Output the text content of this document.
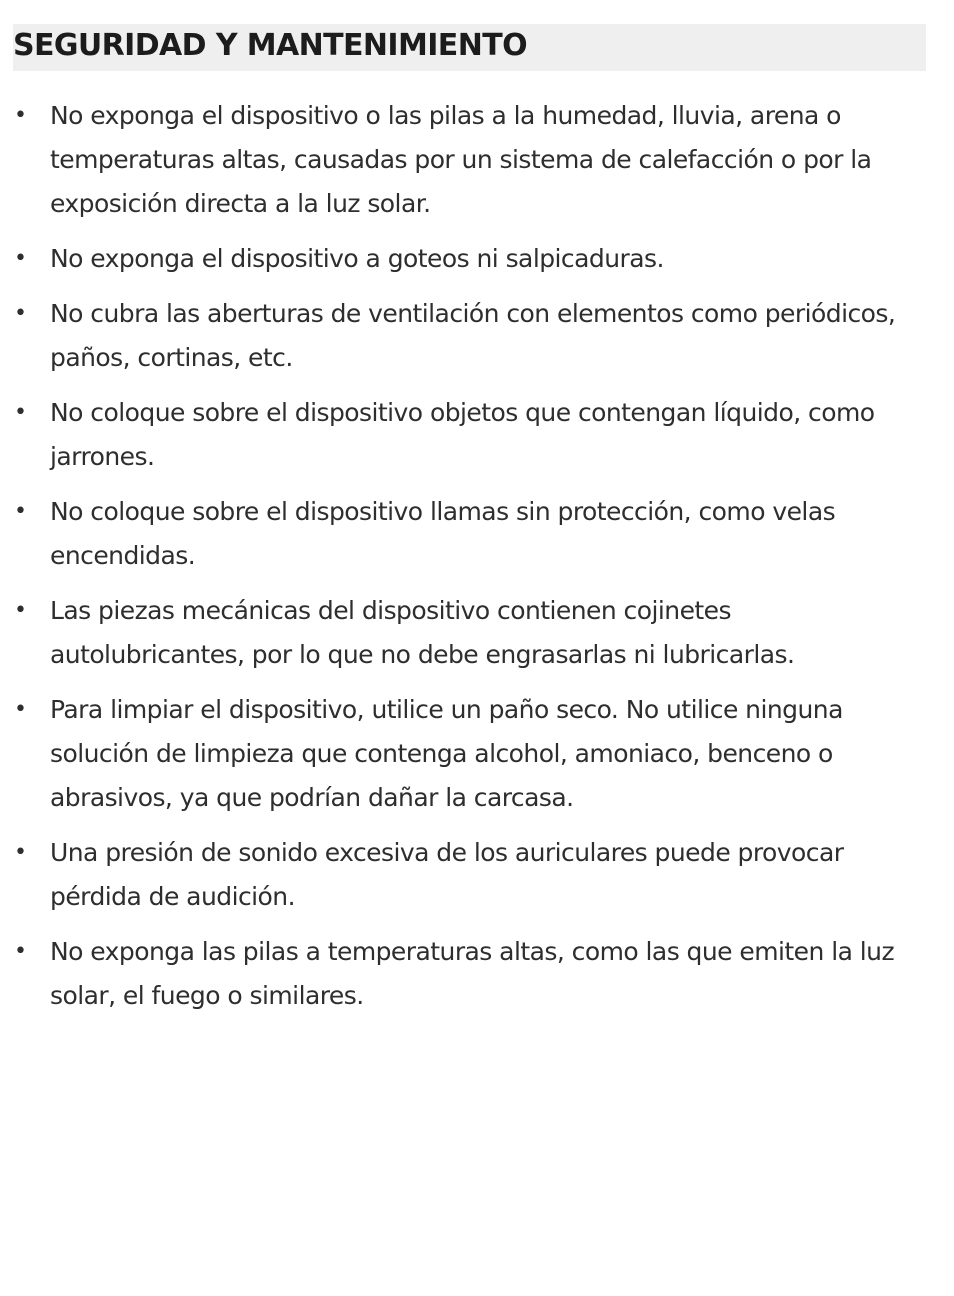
SEGURIDAD Y MANTENIMIENTO
• No exponga el dispositivo o las pilas a la humedad, lluvia, arena o temperaturas altas, causadas por un sistema de calefacción o por la exposición directa a la luz solar.
• No exponga el dispositivo a goteos ni salpicaduras.
• No cubra las aberturas de ventilación con elementos como periódicos, paños, cortinas, etc.
• No coloque sobre el dispositivo objetos que contengan líquido, como jarrones.
• No coloque sobre el dispositivo llamas sin protección, como velas encendidas.
• Las piezas mecánicas del dispositivo contienen cojinetes autolubricantes, por lo que no debe engrasarlas ni lubricarlas.
• Para limpiar el dispositivo, utilice un paño seco. No utilice ninguna solución de limpieza que contenga alcohol, amoniaco, benceno o abrasivos, ya que podrían dañar la carcasa.
• Una presión de sonido excesiva de los auriculares puede provocar pérdida de audición.
• No exponga las pilas a temperaturas altas, como las que emiten la luz solar, el fuego o similares.
